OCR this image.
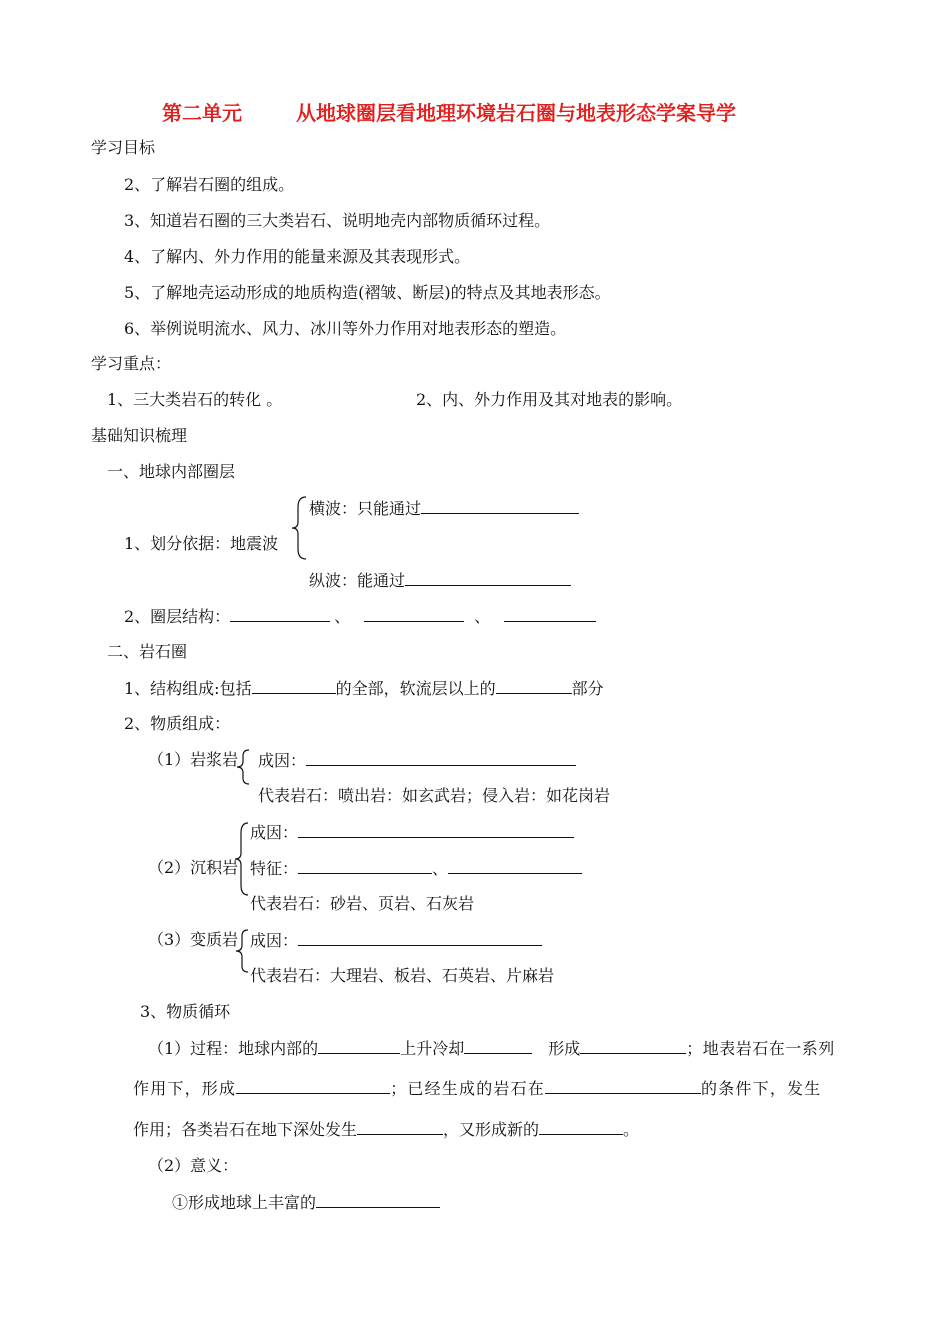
第二单元	从地球圈层看地理环境岩石圈与地表形态学案导学
学习目标
2、了解岩石圈的组成。
3、知道岩石圈的三大类岩石、说明地壳内部物质循环过程。
4、了解内、外力作用的能量来源及其表现形式。
5、了解地壳运动形成的地质构造(褶皱、断层)的特点及其地表形态。
6、举例说明流水、风力、冰川等外力作用对地表形态的塑造。
学习重点：
1、三大类岩石的转化 。	2、内、外力作用及其对地表的影响。
基础知识梳理
一、地球内部圈层
横波：只能通过
1、划分依据：地震波
纵波：能通过
2、圈层结构：	、	、
二、岩石圈
1、结构组成:包括	的全部，软流层以上的	部分
2、物质组成：
（1）岩浆岩 成因：
代表岩石：喷出岩：如玄武岩；侵入岩：如花岗岩
成因：
（2）沉积岩 特征：	、
代表岩石：砂岩、页岩、石灰岩
（3）变质岩 成因：
代表岩石：大理岩、板岩、石英岩、片麻岩
3、物质循环
（1）过程：地球内部的	上升冷却	形成	；地表岩石在一系列
作用下，形成	；已经生成的岩石在	的条件下，发生
作用；各类岩石在地下深处发生	，又形成新的	。
（2）意义：
①形成地球上丰富的
